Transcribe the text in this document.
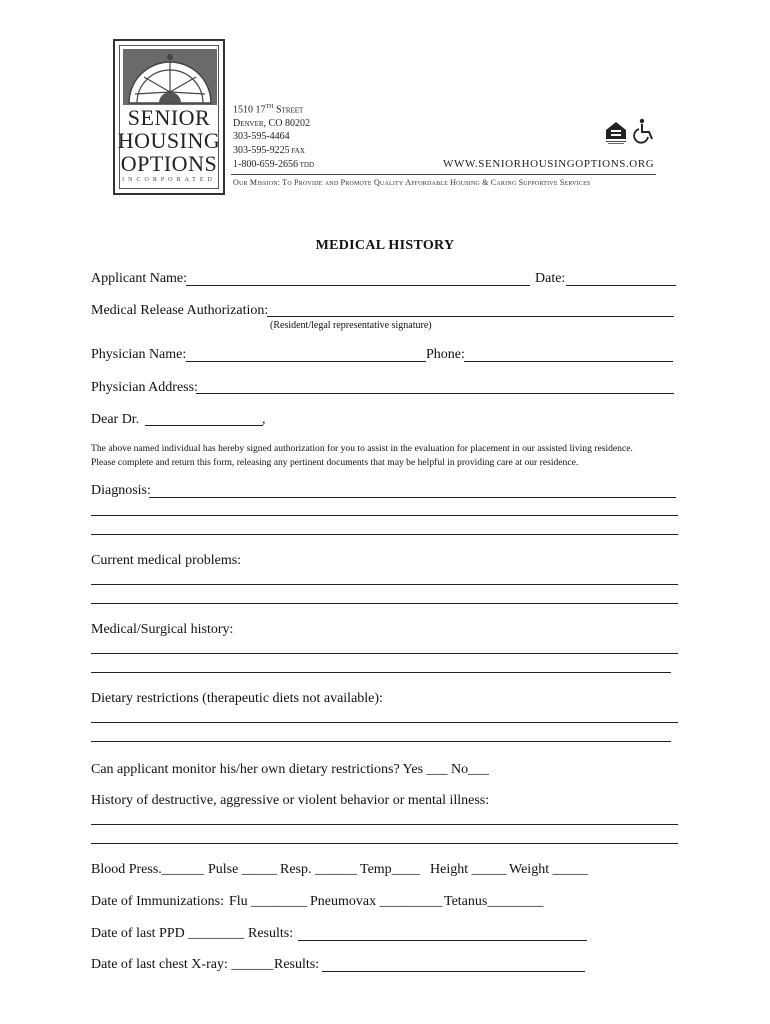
SENIOR
HOUSING
OPTIONS
INCORPORATED
1510 17TH Street
Denver, CO 80202
303-595-4464
303-595-9225 FAX
1-800-659-2656 TDD	WWW.SENIORHOUSINGOPTIONS.ORG
Our Mission: To Provide and Promote Quality Affordable Housing & Caring Supportive Services
MEDICAL HISTORY
Applicant Name:	Date:
Medical Release Authorization:
(Resident/legal representative signature)
Physician Name:	Phone:
Physician Address:
Dear Dr.	,
The above named individual has hereby signed authorization for you to assist in the evaluation for placement in our assisted living residence.
Please complete and return this form, releasing any pertinent documents that may be helpful in providing care at our residence.
Diagnosis:
Current medical problems:
Medical/Surgical history:
Dietary restrictions (therapeutic diets not available):
Can applicant monitor his/her own dietary restrictions? Yes ___ No___
History of destructive, aggressive or violent behavior or mental illness:
Blood Press.______ Pulse _____ Resp. ______ Temp____ Height _____ Weight _____
Date of Immunizations: Flu ________ Pneumovax _________ Tetanus________
Date of last PPD ________ Results:
Date of last chest X-ray: ______ Results:
